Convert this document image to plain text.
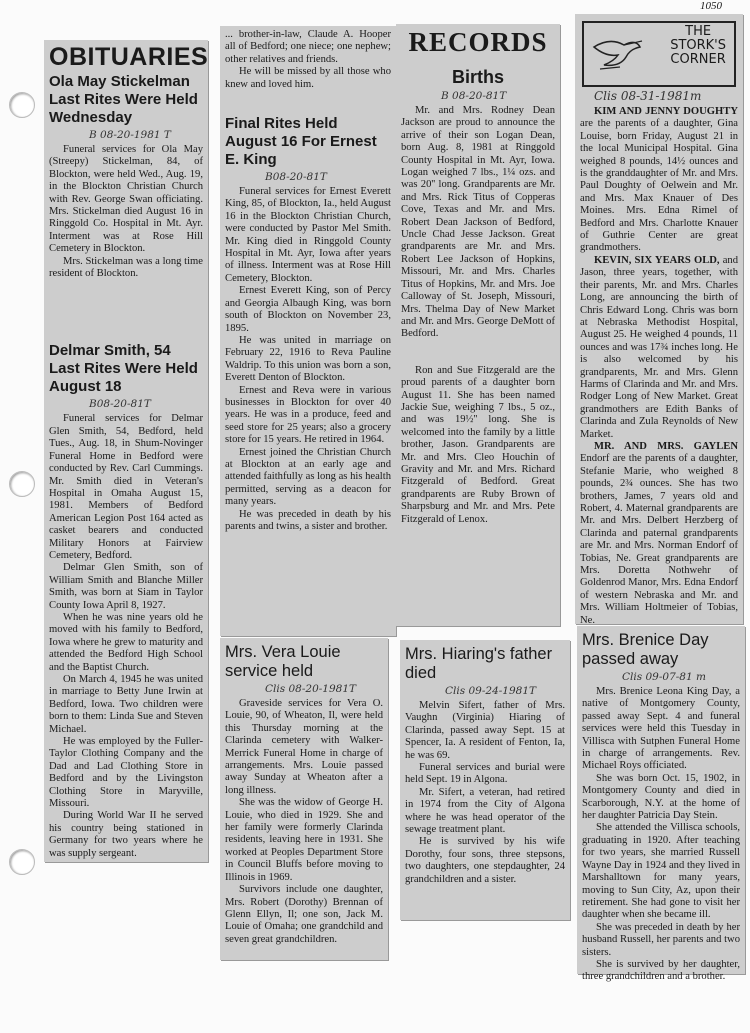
1050
OBITUARIES
Ola May Stickelman Last Rites Were Held Wednesday
B 08-20-1981 T

Funeral services for Ola May (Streepy) Stickelman, 84, of Blockton, were held Wed., Aug. 19, in the Blockton Christian Church with Rev. George Swan officiating. Mrs. Stickelman died August 16 in Ringgold Co. Hospital in Mt. Ayr. Interment was at Rose Hill Cemetery in Blockton.

Mrs. Stickelman was a long time resident of Blockton.

Delmar Smith, 54 Last Rites Were Held August 18
B08-20-81T

Funeral services for Delmar Glen Smith, 54, Bedford, held Tues., Aug. 18, in Shum-Novinger Funeral Home in Bedford were conducted by Rev. Carl Cummings. Mr. Smith died in Veteran's Hospital in Omaha August 15, 1981. Members of Bedford American Legion Post 164 acted as casket bearers and conducted Military Honors at Fairview Cemetery, Bedford.

Delmar Glen Smith, son of William Smith and Blanche Miller Smith, was born at Siam in Taylor County Iowa April 8, 1927.

When he was nine years old he moved with his family to Bedford, Iowa where he grew to maturity and attended the Bedford High School and the Baptist Church.

On March 4, 1945 he was united in marriage to Betty June Irwin at Bedford, Iowa. Two children were born to them: Linda Sue and Steven Michael.

He was employed by the Fuller-Taylor Clothing Company and the Dad and Lad Clothing Store in Bedford and by the Livingston Clothing Store in Maryville, Missouri.

During World War II he served his country being stationed in Germany for two years where he was supply sergeant.

... brother-in-law, Claude A. Hooper all of Bedford; one niece; one nephew; other relatives and friends.

He will be missed by all those who knew and loved him.

Final Rites Held August 16 For Ernest E. King
B08-20-81T

Funeral services for Ernest Everett King, 85, of Blockton, Ia., held August 16 in the Blockton Christian Church, were conducted by Pastor Mel Smith. Mr. King died in Ringgold County Hospital in Mt. Ayr, Iowa after years of illness. Interment was at Rose Hill Cemetery, Blockton.

Ernest Everett King, son of Percy and Georgia Albaugh King, was born south of Blockton on November 23, 1895.

He was united in marriage on February 22, 1916 to Reva Pauline Waldrip. To this union was born a son, Everett Denton of Blockton.

Ernest and Reva were in various businesses in Blockton for over 40 years. He was in a produce, feed and seed store for 25 years; also a grocery store for 15 years. He retired in 1964.

Ernest joined the Christian Church at Blockton at an early age and attended faithfully as long as his health permitted, serving as a deacon for many years.

He was preceded in death by his parents and twins, a sister and brother.

RECORDS
Births
B 08-20-81T

Mr. and Mrs. Rodney Dean Jackson are proud to announce the arrive of their son Logan Dean, born Aug. 8, 1981 at Ringgold County Hospital in Mt. Ayr, Iowa. Logan weighed 7 lbs., 1¼ ozs. and was 20'' long. Grandparents are Mr. and Mrs. Rick Titus of Copperas Cove, Texas and Mr. and Mrs. Robert Dean Jackson of Bedford, Uncle Chad Jesse Jackson. Great grandparents are Mr. and Mrs. Robert Lee Jackson of Hopkins, Missouri, Mr. and Mrs. Charles Titus of Hopkins, Mr. and Mrs. Joe Calloway of St. Joseph, Missouri, Mrs. Thelma Day of New Market and Mr. and Mrs. George DeMott of Bedford.

Ron and Sue Fitzgerald are the proud parents of a daughter born August 11. She has been named Jackie Sue, weighing 7 lbs., 5 oz., and was 19½'' long. She is welcomed into the family by a little brother, Jason. Grandparents are Mr. and Mrs. Cleo Houchin of Gravity and Mr. and Mrs. Richard Fitzgerald of Bedford. Great grandparents are Ruby Brown of Sharpsburg and Mr. and Mrs. Pete Fitzgerald of Lenox.

THE
STORK'S
CORNER
Clis 08-31-1981m

KIM AND JENNY DOUGHTY are the parents of a daughter, Gina Louise, born Friday, August 21 in the local Municipal Hospital. Gina weighed 8 pounds, 14½ ounces and is the granddaughter of Mr. and Mrs. Paul Doughty of Oelwein and Mr. and Mrs. Max Knauer of Des Moines. Mrs. Edna Rimel of Bedford and Mrs. Charlotte Knauer of Guthrie Center are great grandmothers.

KEVIN, SIX YEARS OLD, and Jason, three years, together, with their parents, Mr. and Mrs. Charles Long, are announcing the birth of Chris Edward Long. Chris was born at Nebraska Methodist Hospital, August 25. He weighed 4 pounds, 11 ounces and was 17¾ inches long. He is also welcomed by his grandparents, Mr. and Mrs. Glenn Harms of Clarinda and Mr. and Mrs. Rodger Long of New Market. Great grandmothers are Edith Banks of Clarinda and Zula Reynolds of New Market.

MR. AND MRS. GAYLEN Endorf are the parents of a daughter, Stefanie Marie, who weighed 8 pounds, 2¾ ounces. She has two brothers, James, 7 years old and Robert, 4. Maternal grandparents are Mr. and Mrs. Delbert Herzberg of Clarinda and paternal grandparents are Mr. and Mrs. Norman Endorf of Tobias, Ne. Great grandparents are Mrs. Doretta Nothwehr of Goldenrod Manor, Mrs. Edna Endorf of western Nebraska and Mr. and Mrs. William Holtmeier of Tobias, Ne.

Mrs. Vera Louie service held
Clis 08-20-1981T

Graveside services for Vera O. Louie, 90, of Wheaton, Il, were held this Thursday morning at the Clarinda cemetery with Walker-Merrick Funeral Home in charge of arrangements. Mrs. Louie passed away Sunday at Wheaton after a long illness.

She was the widow of George H. Louie, who died in 1929. She and her family were formerly Clarinda residents, leaving here in 1931. She worked at Peoples Department Store in Council Bluffs before moving to Illinois in 1969.

Survivors include one daughter, Mrs. Robert (Dorothy) Brennan of Glenn Ellyn, Il; one son, Jack M. Louie of Omaha; one grandchild and seven great grandchildren.

Mrs. Hiaring's father died
Clis 09-24-1981T

Melvin Sifert, father of Mrs. Vaughn (Virginia) Hiaring of Clarinda, passed away Sept. 15 at Spencer, Ia. A resident of Fenton, Ia, he was 69.

Funeral services and burial were held Sept. 19 in Algona.

Mr. Sifert, a veteran, had retired in 1974 from the City of Algona where he was head operator of the sewage treatment plant.

He is survived by his wife Dorothy, four sons, three stepsons, two daughters, one stepdaughter, 24 grandchildren and a sister.

Mrs. Brenice Day passed away
Clis 09-07-81 m

Mrs. Brenice Leona King Day, a native of Montgomery County, passed away Sept. 4 and funeral services were held this Tuesday in Villisca with Sutphen Funeral Home in charge of arrangements. Rev. Michael Roys officiated.

She was born Oct. 15, 1902, in Montgomery County and died in Scarborough, N.Y. at the home of her daughter Patricia Day Stein.

She attended the Villisca schools, graduating in 1920. After teaching for two years, she married Russell Wayne Day in 1924 and they lived in Marshalltown for many years, moving to Sun City, Az, upon their retirement. She had gone to visit her daughter when she became ill.

She was preceded in death by her husband Russell, her parents and two sisters.

She is survived by her daughter, three grandchildren and a brother.
